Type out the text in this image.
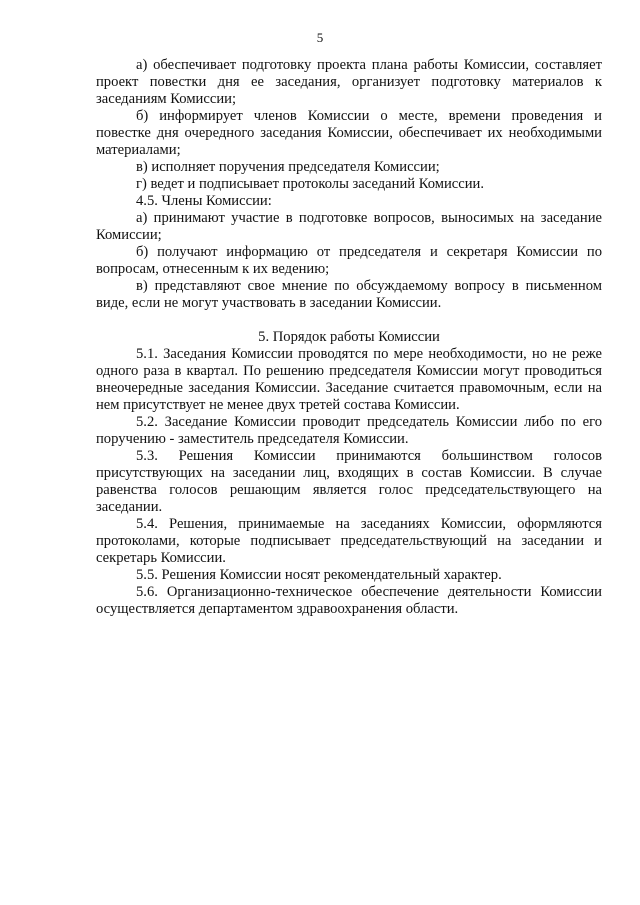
5

а) обеспечивает подготовку проекта плана работы Комиссии, составляет проект повестки дня ее заседания, организует подготовку материалов к заседаниям Комиссии;

б) информирует членов Комиссии о месте, времени проведения и повестке дня очередного заседания Комиссии, обеспечивает их необходимыми материалами;

в) исполняет поручения председателя Комиссии;

г) ведет и подписывает протоколы заседаний Комиссии.

4.5. Члены Комиссии:

а) принимают участие в подготовке вопросов, выносимых на заседание Комиссии;

б) получают информацию от председателя и секретаря Комиссии по вопросам, отнесенным к их ведению;

в) представляют свое мнение по обсуждаемому вопросу в письменном виде, если не могут участвовать в заседании Комиссии.

5. Порядок работы Комиссии

5.1. Заседания Комиссии проводятся по мере необходимости, но не реже одного раза в квартал. По решению председателя Комиссии могут проводиться внеочередные заседания Комиссии. Заседание считается правомочным, если на нем присутствует не менее двух третей состава Комиссии.

5.2. Заседание Комиссии проводит председатель Комиссии либо по его поручению - заместитель председателя Комиссии.

5.3. Решения Комиссии принимаются большинством голосов присутствующих на заседании лиц, входящих в состав Комиссии. В случае равенства голосов решающим является голос председательствующего на заседании.

5.4. Решения, принимаемые на заседаниях Комиссии, оформляются протоколами, которые подписывает председательствующий на заседании и секретарь Комиссии.

5.5. Решения Комиссии носят рекомендательный характер.

5.6. Организационно-техническое обеспечение деятельности Комиссии осуществляется департаментом здравоохранения области.
